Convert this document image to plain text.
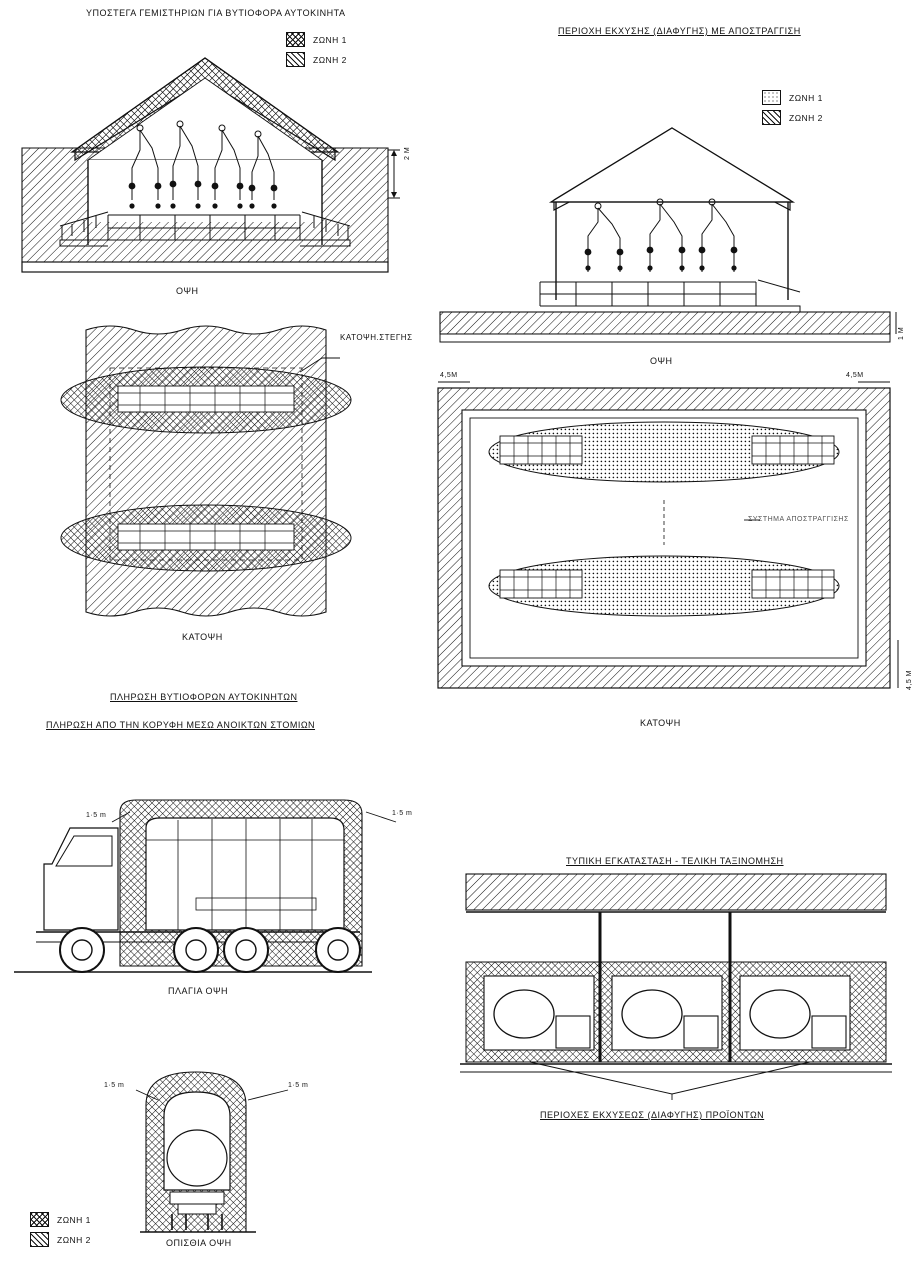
ΥΠΟΣΤΕΓΑ ΓΕΜΙΣΤΗΡΙΩΝ ΓΙΑ ΒΥΤΙΟΦΟΡΑ ΑΥΤΟΚΙΝΗΤΑ
ZΩNH 1
ZΩNH 2
2 M
ΟΨΗ
ΚΑΤΟΨΗ.ΣΤΕΓΗΣ
ΚΑΤΟΨΗ
ΠΕΡΙΟΧΗ ΕΚΧΥΣΗΣ (ΔΙΑΦΥΓΗΣ) ΜΕ ΑΠΟΣΤΡΑΓΓΙΣΗ
ZΩNH 1
ZΩNH 2
ΟΨΗ
4,5M	4,5M
ΣΥΣΤΗΜΑ ΑΠΟΣΤΡΑΓΓΙΣΗΣ
4,5 M
1 M
ΚΑΤΟΨΗ
ΠΛΗΡΩΣΗ ΒΥΤΙΟΦΟΡΩΝ ΑΥΤΟΚΙΝΗΤΩΝ
ΠΛΗΡΩΣΗ ΑΠΟ ΤΗΝ ΚΟΡΥΦΗ ΜΕΣΩ ΑΝΟΙΚΤΩΝ ΣΤΟΜΙΩΝ
1·5 m	1·5 m
ΠΛΑΓΙΑ ΟΨΗ
1·5 m	1·5 m
ΟΠΙΣΘΙΑ ΟΨΗ
ZΩNH 1
ZΩNH 2
ΤΥΠΙΚΗ ΕΓΚΑΤΑΣΤΑΣΗ - ΤΕΛΙΚΗ ΤΑΞΙΝΟΜΗΣΗ
ΠΕΡΙΟΧΕΣ ΕΚΧΥΣΕΩΣ (ΔΙΑΦΥΓΗΣ) ΠΡΟΪΟΝΤΩΝ
